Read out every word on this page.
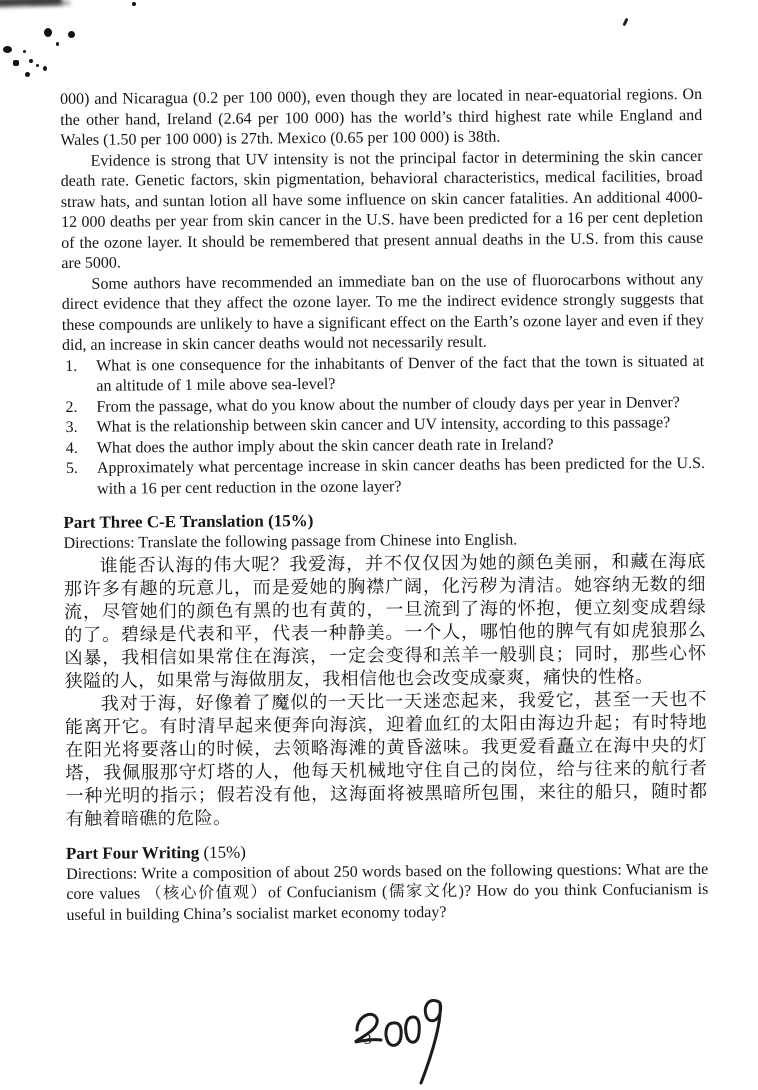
000) and Nicaragua (0.2 per 100 000), even though they are located in near-equatorial regions. On the other hand, Ireland (2.64 per 100 000) has the world’s third highest rate while England and Wales (1.50 per 100 000) is 27th. Mexico (0.65 per 100 000) is 38th.

Evidence is strong that UV intensity is not the principal factor in determining the skin cancer death rate. Genetic factors, skin pigmentation, behavioral characteristics, medical facilities, broad straw hats, and suntan lotion all have some influence on skin cancer fatalities. An additional 4000-12 000 deaths per year from skin cancer in the U.S. have been predicted for a 16 per cent depletion of the ozone layer. It should be remembered that present annual deaths in the U.S. from this cause are 5000.

Some authors have recommended an immediate ban on the use of fluorocarbons without any direct evidence that they affect the ozone layer. To me the indirect evidence strongly suggests that these compounds are unlikely to have a significant effect on the Earth’s ozone layer and even if they did, an increase in skin cancer deaths would not necessarily result.

1. What is one consequence for the inhabitants of Denver of the fact that the town is situated at an altitude of 1 mile above sea-level?

2. From the passage, what do you know about the number of cloudy days per year in Denver?

3. What is the relationship between skin cancer and UV intensity, according to this passage?

4. What does the author imply about the skin cancer death rate in Ireland?

5. Approximately what percentage increase in skin cancer deaths has been predicted for the U.S. with a 16 per cent reduction in the ozone layer?

Part Three C-E Translation (15%)

Directions: Translate the following passage from Chinese into English.

谁能否认海的伟大呢？我爱海，并不仅仅因为她的颜色美丽，和藏在海底那许多有趣的玩意儿，而是爱她的胸襟广阔，化污秽为清洁。她容纳无数的细流，尽管她们的颜色有黑的也有黄的，一旦流到了海的怀抱，便立刻变成碧绿的了。碧绿是代表和平，代表一种静美。一个人，哪怕他的脾气有如虎狼那么凶暴，我相信如果常住在海滨，一定会变得和羔羊一般驯良；同时，那些心怀狭隘的人，如果常与海做朋友，我相信他也会改变成豪爽，痛快的性格。

我对于海，好像着了魔似的一天比一天迷恋起来，我爱它，甚至一天也不能离开它。有时清早起来便奔向海滨，迎着血红的太阳由海边升起；有时特地在阳光将要落山的时候，去领略海滩的黄昏滋味。我更爱看矗立在海中央的灯塔，我佩服那守灯塔的人，他每天机械地守住自己的岗位，给与往来的航行者一种光明的指示；假若没有他，这海面将被黑暗所包围，来往的船只，随时都有触着暗礁的危险。

Part Four Writing (15%)

Directions: Write a composition of about 250 words based on the following questions: What are the core values （核心价值观）of Confucianism (儒家文化)? How do you think Confucianism is useful in building China’s socialist market economy today?

3
